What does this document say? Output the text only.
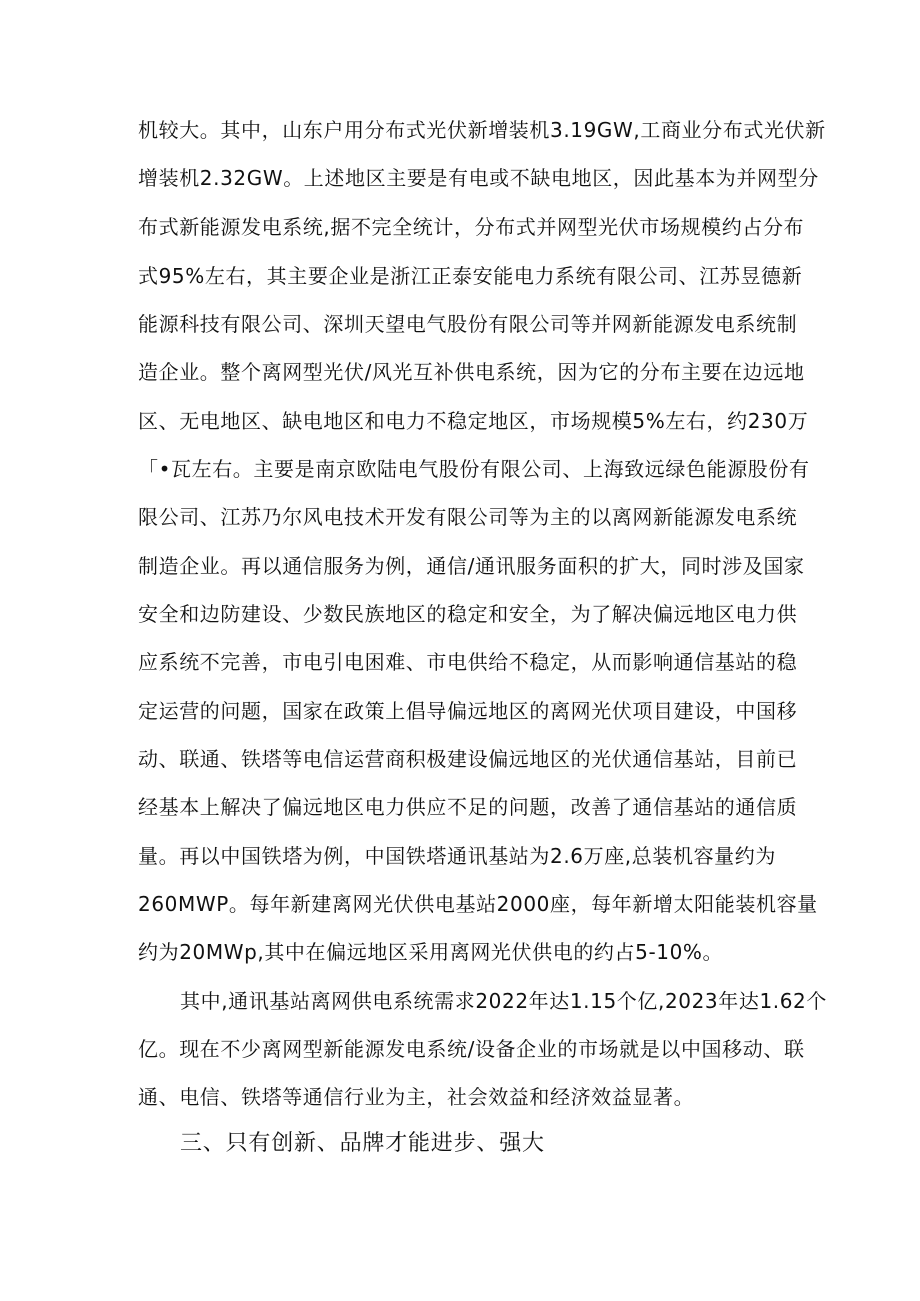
机较大。其中，山东户用分布式光伏新增装机3.19GW,工商业分布式光伏新
增装机2.32GW。上述地区主要是有电或不缺电地区，因此基本为并网型分
布式新能源发电系统,据不完全统计，分布式并网型光伏市场规模约占分布
式95%左右，其主要企业是浙江正泰安能电力系统有限公司、江苏昱德新
能源科技有限公司、深圳天望电气股份有限公司等并网新能源发电系统制
造企业。整个离网型光伏/风光互补供电系统，因为它的分布主要在边远地
区、无电地区、缺电地区和电力不稳定地区，市场规模5%左右，约230万
「•瓦左右。主要是南京欧陆电气股份有限公司、上海致远绿色能源股份有
限公司、江苏乃尔风电技术开发有限公司等为主的以离网新能源发电系统
制造企业。再以通信服务为例，通信/通讯服务面积的扩大，同时涉及国家
安全和边防建设、少数民族地区的稳定和安全，为了解决偏远地区电力供
应系统不完善，市电引电困难、市电供给不稳定，从而影响通信基站的稳
定运营的问题，国家在政策上倡导偏远地区的离网光伏项目建设，中国移
动、联通、铁塔等电信运营商积极建设偏远地区的光伏通信基站，目前已
经基本上解决了偏远地区电力供应不足的问题，改善了通信基站的通信质
量。再以中国铁塔为例，中国铁塔通讯基站为2.6万座,总装机容量约为
260MWP。每年新建离网光伏供电基站2000座，每年新增太阳能装机容量
约为20MWp,其中在偏远地区采用离网光伏供电的约占5-10%。
其中,通讯基站离网供电系统需求2022年达1.15个亿,2023年达1.62个
亿。现在不少离网型新能源发电系统/设备企业的市场就是以中国移动、联
通、电信、铁塔等通信行业为主，社会效益和经济效益显著。
三、只有创新、品牌才能进步、强大
